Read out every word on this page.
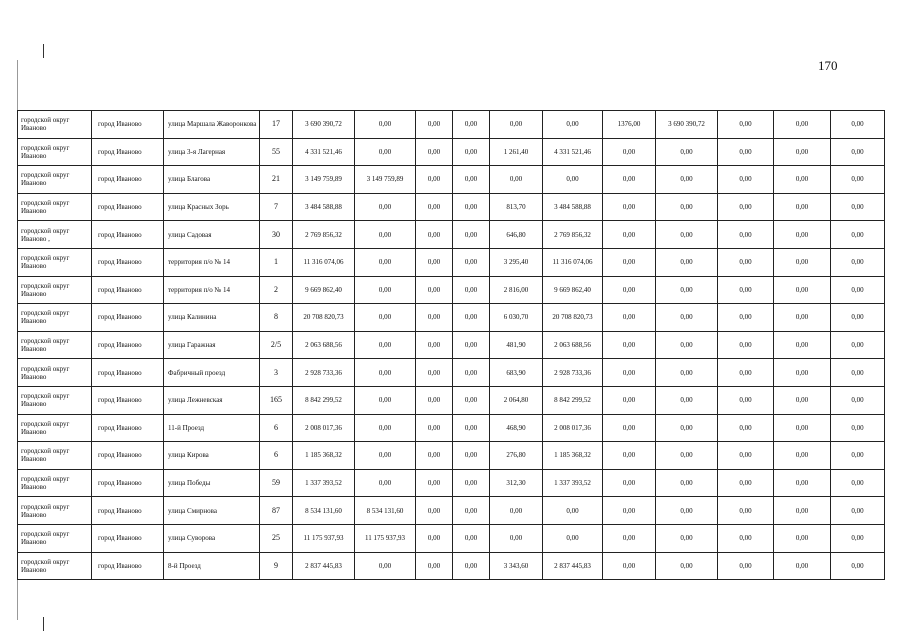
170
городской округ Иваново	город Иваново	улица Маршала Жаворонкова	17	3 690 390,72	0,00	0,00	0,00	0,00	0,00	1376,00	3 690 390,72	0,00	0,00	0,00
городской округ Иваново	город Иваново	улица 3-я Лагерная	55	4 331 521,46	0,00	0,00	0,00	1 261,40	4 331 521,46	0,00	0,00	0,00	0,00	0,00
городской округ Иваново	город Иваново	улица Благова	21	3 149 759,89	3 149 759,89	0,00	0,00	0,00	0,00	0,00	0,00	0,00	0,00	0,00
городской округ Иваново	город Иваново	улица Красных Зорь	7	3 484 588,88	0,00	0,00	0,00	813,70	3 484 588,88	0,00	0,00	0,00	0,00	0,00
городской округ Иваново ,	город Иваново	улица Садовая	30	2 769 856,32	0,00	0,00	0,00	646,80	2 769 856,32	0,00	0,00	0,00	0,00	0,00
городской округ Иваново	город Иваново	территория п/о № 14	1	11 316 074,06	0,00	0,00	0,00	3 295,40	11 316 074,06	0,00	0,00	0,00	0,00	0,00
городской округ Иваново	город Иваново	территория п/о № 14	2	9 669 862,40	0,00	0,00	0,00	2 816,00	9 669 862,40	0,00	0,00	0,00	0,00	0,00
городской округ Иваново	город Иваново	улица Калинина	8	20 708 820,73	0,00	0,00	0,00	6 030,70	20 708 820,73	0,00	0,00	0,00	0,00	0,00
городской округ Иваново	город Иваново	улица Гаражная	2/5	2 063 688,56	0,00	0,00	0,00	481,90	2 063 688,56	0,00	0,00	0,00	0,00	0,00
городской округ Иваново	город Иваново	Фабричный проезд	3	2 928 733,36	0,00	0,00	0,00	683,90	2 928 733,36	0,00	0,00	0,00	0,00	0,00
городской округ Иваново	город Иваново	улица Лежневская	165	8 842 299,52	0,00	0,00	0,00	2 064,80	8 842 299,52	0,00	0,00	0,00	0,00	0,00
городской округ Иваново	город Иваново	11-й Проезд	6	2 008 017,36	0,00	0,00	0,00	468,90	2 008 017,36	0,00	0,00	0,00	0,00	0,00
городской округ Иваново	город Иваново	улица Кирова	6	1 185 368,32	0,00	0,00	0,00	276,80	1 185 368,32	0,00	0,00	0,00	0,00	0,00
городской округ Иваново	город Иваново	улица Победы	59	1 337 393,52	0,00	0,00	0,00	312,30	1 337 393,52	0,00	0,00	0,00	0,00	0,00
городской округ Иваново	город Иваново	улица Смирнова	87	8 534 131,60	8 534 131,60	0,00	0,00	0,00	0,00	0,00	0,00	0,00	0,00	0,00
городской округ Иваново	город Иваново	улица Суворова	25	11 175 937,93	11 175 937,93	0,00	0,00	0,00	0,00	0,00	0,00	0,00	0,00	0,00
городской округ Иваново	город Иваново	8-й Проезд	9	2 837 445,83	0,00	0,00	0,00	3 343,60	2 837 445,83	0,00	0,00	0,00	0,00	0,00
